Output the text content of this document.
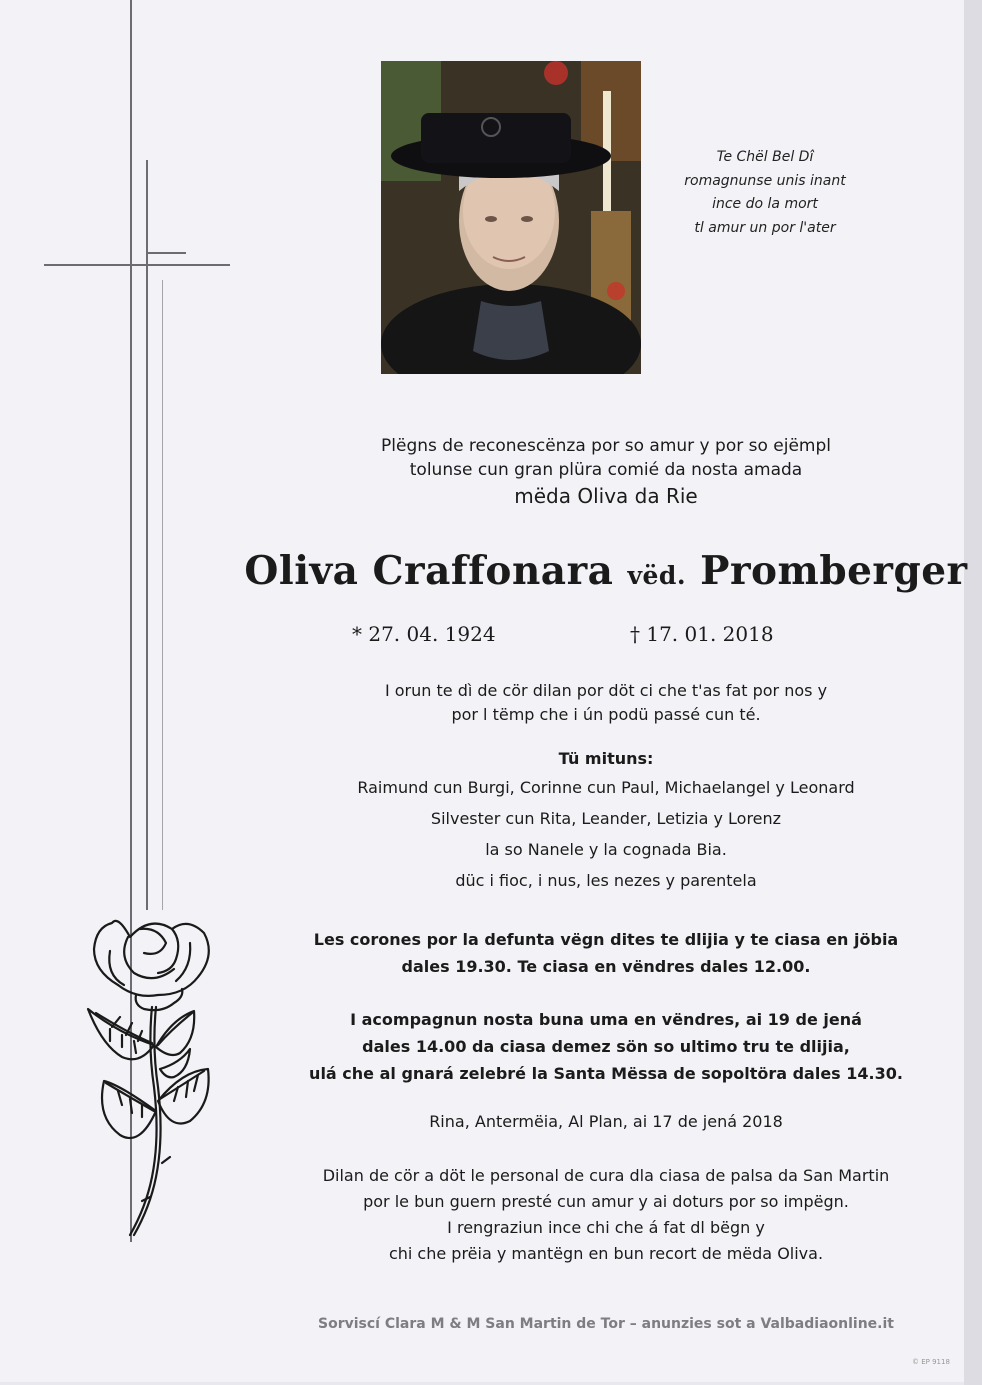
Te Chël Bel Dî
romagnunse unis inant
ince do la mort
tl amur un por l'ater
Plëgns de reconescënza por so amur y por so ejëmpl
tolunse cun gran plüra comié da nosta amada
mëda Oliva da Rie
Oliva Craffonara vëd. Promberger
* 27. 04. 1924	† 17. 01. 2018
I orun te dì de cör dilan por döt ci che t'as fat por nos y
por l tëmp che i ún podü passé cun té.
Tü mituns:
Raimund cun Burgi, Corinne cun Paul, Michaelangel y Leonard
Silvester cun Rita, Leander, Letizia y Lorenz
la so Nanele y la cognada Bia.
düc i fioc, i nus, les nezes y parentela
Les corones por la defunta vëgn dites te dlijia y te ciasa en jöbia
dales 19.30. Te ciasa en vëndres dales 12.00.
I acompagnun nosta buna uma en vëndres, ai 19 de jená
dales 14.00 da ciasa demez sön so ultimo tru te dlijia,
ulá che al gnará zelebré la Santa Mëssa de sopoltöra dales 14.30.
Rina, Antermëia, Al Plan, ai 17 de jená 2018
Dilan de cör a döt le personal de cura dla ciasa de palsa da San Martin
por le bun guern presté cun amur y ai doturs por so impëgn.
I rengraziun ince chi che á fat dl bëgn y
chi che prëia y mantëgn en bun recort de mëda Oliva.
Sorviscí Clara M & M San Martin de Tor – anunzies sot a Valbadiaonline.it
© EP 9118
